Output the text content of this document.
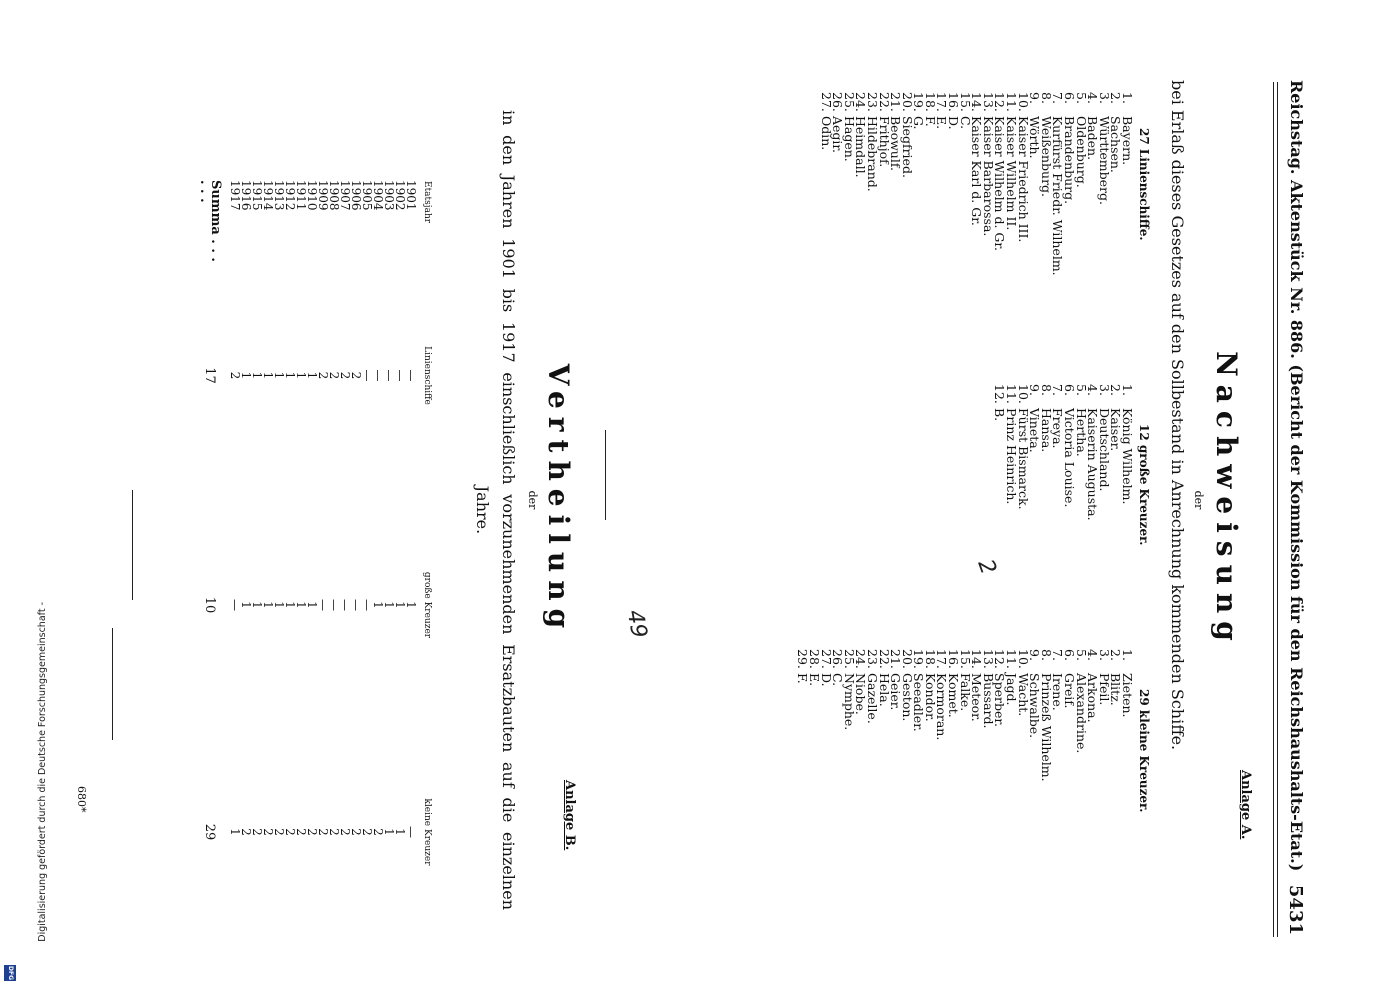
Reichstag. Aktenstück Nr. 886. (Bericht der Kommission für den Reichshaushalts-Etat.)
5431
Anlage A.
Nachweisung
der
bei Erlaß dieses Gesetzes auf den Sollbestand in Anrechnung kommenden Schiffe.
27 Linienschiffe.
1.
Bayern.
2.
Sachsen.
3.
Württemberg.
4.
Baden.
5.
Oldenburg.
6.
Brandenburg.
7.
Kurfürst Friedr. Wilhelm.
8.
Weißenburg.
9.
Wörth.
10.
Kaiser Friedrich III.
11.
Kaiser Wilhelm II.
12.
Kaiser Wilhelm d. Gr.
13.
Kaiser Barbarossa.
14.
Kaiser Karl d. Gr.
15.
C.
16.
D.
17.
E.
18.
F.
19.
G.
20.
Siegfried.
21.
Beowulf.
22.
Frithjof.
23.
Hildebrand.
24.
Heimdall.
25.
Hagen.
26.
Aegir.
27.
Odin.
12 große Kreuzer.
1.
König Wilhelm.
2.
Kaiser.
3.
Deutschland.
4.
Kaiserin Augusta.
5.
Hertha.
6.
Victoria Louise.
7.
Freya.
8.
Hansa.
9.
Vineta.
10.
Fürst Bismarck.
11.
Prinz Heinrich.
12.
B.
29 kleine Kreuzer.
1.
Zieten.
2.
Blitz.
3.
Pfeil.
4.
Arkona.
5.
Alexandrine.
6.
Greif.
7.
Irene.
8.
Prinzeß Wilhelm.
9.
Schwalbe.
10.
Wacht.
11.
Jagd.
12.
Sperber.
13.
Bussard.
14.
Meteor.
15.
Falke.
16.
Komet.
17.
Kormoran.
18.
Kondor.
19.
Seeadler.
20.
Geston.
21.
Geier.
22.
Hela.
23.
Gazelle.
24.
Niobe.
25.
Nymphe.
26.
C.
27.
D.
28.
E.
29.
F.
2
49
Anlage B.
Vertheilung
der
in den Jahren 1901 bis 1917 einschließlich vorzunehmenden Ersatzbauten auf die einzelnen Jahre.
Etatsjahr	Linienschiffe	große Kreuzer	kleine Kreuzer
1901	—	1	—
1902	—	1	1
1903	—	1	1
1904	—	1	2
1905	—	—	2
1906	2	—	2
1907	2	—	2
1908	2	—	2
1909	2	—	2
1910	1	1	2
1911	1	1	2
1912	1	1	2
1913	1	1	2
1914	1	1	2
1915	1	1	2
1916	1	1	2
1917	2	—	1
Summa . . . . . .	17	10	29
680*
Digitalisierung gefördert durch die Deutsche Forschungsgemeinschaft -
DFG
